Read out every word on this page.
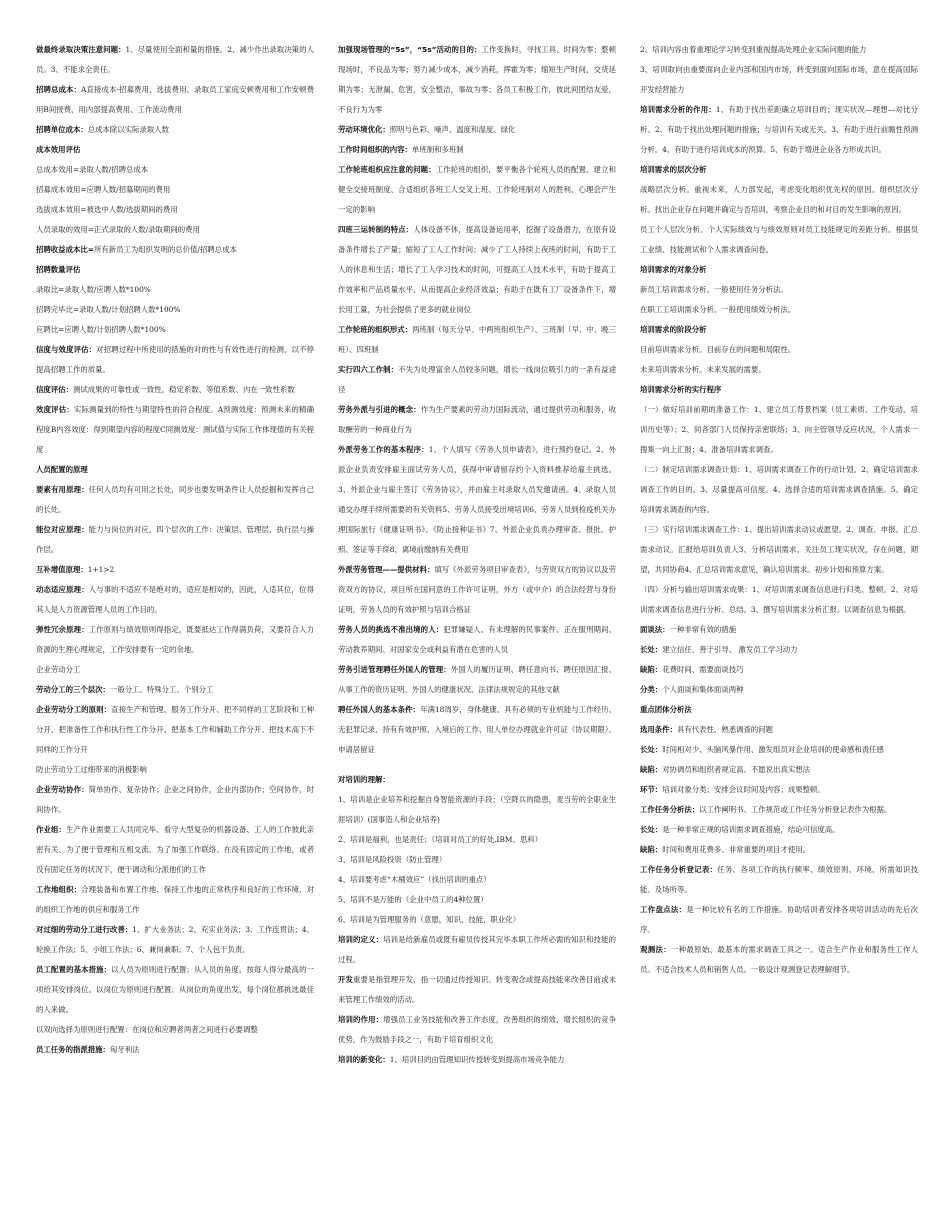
做最终录取决策注意问题：1、尽量使用全面和量的措施。2、减少作出录取决策的人员。3、不能求全责任。

招聘总成本：A直接成本-招募费用、选拔费用、录取员工家庭安顿费用和工作安顿费用B间接费，用内部提高费用、工作流动费用

招聘单位成本：总成本除以实际录取人数

成本效用评估

总成本效用=录取人数/招聘总成本

招募成本效用=应聘人数/招募期间的费用

选拔成本效用=被选中人数/选拔期间的费用

人员录取的效用=正式录取的人数/录取期间的费用

招聘收益成本比=所有新员工为组织发明的总价值/招聘总成本

招聘数量评估

录取比=录取人数/应聘人数*100%

招聘完毕比=录取人数/计划招聘人数*100%

应聘比=应聘人数/计划招聘人数*100%

信度与效度评估：对招聘过程中所使用的措施的对的性与有效性进行的检测，以不停提高招聘工作的质量。

信度评估：测试成果的可靠性或一致性，稳定系数、等值系数、内在一致性系数

效度评估：实际测量到的特性与期望特性的符合程度。A预测效度：预测未来的精确程度B内容效度：得到期望内容的程度C同测效度：测试值与实际工作体现值的有关程度

人员配置的原理

要素有用原理：任何人员均有可用之长处，同步也要发明条件让人员挖掘和发挥自己的长处。

能位对应原理：能力与岗位的对应。四个层次的工作：决策层、管理层、执行层与操作层。

互补增值原理：1+1>2

动态适应原理：人与事的不适应不是绝对的，适应是相对的，因此，人适其位，位得其人是人力资源管理人员的工作目的。

弹性冗余原理：工作原则与绩效原则得指定，既要抵达工作得满负荷，又要符合人力资源的生理心理规定，工作安排要有一定的余地。

企业劳动分工

劳动分工的三个层次：一般分工、特殊分工、个别分工

企业劳动分工的原则：直接生产和管理、服务工作分开、把不同样的工艺阶段和工种分开、把准备性工作和执行性工作分开、把基本工作和辅助工作分开、把技术高下不同样的工作分开

防止劳动分工过细带来的消极影响

企业劳动协作：简单协作、复杂协作；企业之间协作，企业内部协作；空间协作，时间协作。

作业组：生产作业需要工人共同完毕、看守大型复杂的机器设备、工人的工作彼此亲密有关、为了便于管理和互相交流、为了加强工作联络、在没有固定的工作地，或者没有固定任务的状况下，便于调动和分派他们的工作

工作地组织：合理装备和布置工作地、保持工作地的正常秩序和良好的工作环境、对的组织工作地的供应和服务工作

对过细的劳动分工进行改善：1、扩大业务法；2、充实业务法；3、工作连贯法；4、轮换工作法；5、小组工作法；6、兼岗兼职；7、个人包干负责。

员工配置的基本措施：以人员为原则进行配置；从人员的角度，按每人得分最高的一项给其安排岗位。以岗位为原则进行配置；从岗位的角度出发，每个岗位都挑选最佳的人来做。

以双向选择为原则进行配置：在岗位和应聘者两者之间进行必要调整

员工任务的指派措施：匈牙利法

加强现场管理的“5s”，“5s”活动的目的：工作变换时，寻找工具、时间为零；整顿现场时，不良品为零；努力减少成本，减少消耗，挥霍为零；缩短生产时间，交货延期为零；无泄漏、危害，安全整洁，事故为零；各员工积极工作，彼此间团结友爱，不良行为为零

劳动环境优化：照明与色彩、噪声、温度和湿度、绿化

工作时间组织的内容：单班制和多班制

工作轮班组织应注意的问题：工作轮班的组织，要平衡各个轮班人员的配置、建立和健全交接班制度、合适组织各班工人交叉上班、工作轮班制对人的胜利、心理会产生一定的影响

四班三运转制的特点：人体设备不休，提高设备运用率，挖掘了设备潜力，在原有设备条件增长了产量；缩短了工人工作时间；减少了工人持续上夜班的时间，有助于工人的休息和生活；增长了工人学习技术的时间，可提高工人技术水平，有助于提高工作效率和产品质量水平，从而提高企业经济效益；有助于在既有工厂设备条件下，增长用工量，为社会提供了更多的就业岗位

工作轮班的组织形式：两班制（每天分早、中两班组织生产）、三班制（早、中、晚三班）、四班制

实行四六工作制：不失为处理富余人员较多问题，增长一线岗位吸引力的一条有益途径

劳务外派与引进的概念：作为生产要素的劳动力国际流动，通过提供劳动和服务，收取酬劳的一种商业行为

外派劳务工作的基本程序：1、个人填写《劳务人员申请表》，进行预约登记。2、外派企业负责安排雇主面试劳务人员，获得中审请留存约个人资料推荐给雇主挑选。3、外派企业与雇主签订《劳务协议》，并由雇主对录取人员发邀请函。4、录取人员通交办理手续所需要的有关资料5、劳务人员接受出境培训6、劳务人员到检疫机关办理国际旅行《健康证明书》、《防止接种证书》7、外派企业负责办理审查、报批、护照、签证等手续8、离境前缴纳有关费用

外派劳务管理——提供材料：填写《外派劳务项目审查表》，与劳资双方的协议以及劳资双方的协议，项目所在国问意的工作许可证明，外方（或中介）的合法经营与身份证明，劳务人员的有效护照与培训合格证

劳务人员的挑选不准出境的人：犯罪嫌疑人、有未理解的民事案件、正在服刑期间、劳动教养期间、对国家安全或利益有潜在危害的人员

劳务引进管理聘任外国人的管理：外国人的履历证明、聘任意向书、聘任原因汇报、从事工作的资历证明、外国人的健康状况、法律法规规定的其他文献

聘任外国人的基本条件：年满18周岁，身体健康、具有必须的专业机能与工作经历、无犯罪记录、持有有效护照、入境后的工作、用人单位办理就业许可证（协议期限）、申请居留证

对培训的理解：

1、培训是企业培养和挖掘自身智能资源的手段；（空降兵的隐患，麦当劳的全职业生涯培训）(国事造人和企业培养)

2、培训是福利，也是责任；（培训对员工的好处,IBM、思科）

3、培训是风险投资（防止管理）

4、培训要考虑“木桶效应”（找出培训的重点）

5、培训不是万能的（企业中员工的4种位置）

6、培训是为管理服务的（意愿，知识，技能，职业化）

培训的定义：培训是给新雇员或既有雇员传授其完毕本职工作所必需的知识和技能的过程。

开发重要是指管理开发，指一切通过传授知识、转变观念或提高技能来改善目前或未来管理工作绩效的活动。

培训的作用：增强员工业务技能和改善工作态度，改善组织的绩效，增长组织的竞争优势，作为鼓励手段之一，有助于培育组织文化

培训的新变化：1、培训目的由管理知识传授转变到提高市场竞争能力

2、培训内容由着重理论学习转变到重视提高处理企业实际问题的能力

3、培训取向由重要面向企业内部和国内市场，转变到面向国际市场，意在提高国际开发经营能力

培训需求分析的作用：1、有助于找出差距确立培训目的；现实状况—理想—对比分析。2、有助于找出处理问题的措施；与培训有关或无关。3、有助于进行前瞻性预测分析。4、有助于进行培训成本的预算。5、有助于增进企业各方形成共识。

培训需求的层次分析

战略层次分析。重视未来，人力部发起，考虑变化组织优先权的原因。组织层次分析。找出企业存在问题并确定与否培训，考察企业目的和对目的发生影响的原因。

员工个人层次分析。个人实际绩效与与绩效原则对员工技能规定的差距分析。根据员工业绩、技能测试和个人需求调查问卷。

培训需求的对象分析

新员工培训需求分析。一般使用任务分析法。

在职工工培训需求分析。一般使用绩效分析法。

培训需求的阶段分析

目前培训需求分析。目前存在的问题和局限性。

未来培训需求分析。未来发展的需要。

培训需求分析的实行程序

（一）做好培训前期的准备工作：1、建立员工背景档案（员工素质、工作变动、培训历史等）；2、同各部门人员保持亲密联络；3、向主管领导反应状况，个人需求一搜集一向上汇报；4、准备培训需求调查。

（二）制定培训需求调查计划：1、培训需求调查工作的行动计划。2、确定培训需求调查工作的目的。3、尽量提高可信度。4、选择合适的培训需求调查措施。5、确定培训需求调查的内容。

（三）实行培训需求调查工作：1、提出培训需求动议或愿望。2、调查、申报、汇总需求动议。汇报给培训负责人3、分析培训需求。关注员工现实状况，存在问题，期望，共同协商4、汇总培训需求意见，确认培训需求。初步计划和预算方案。

（四）分析与输出培训需求成果：1、对培训需求调查信息进行归类、整顿。2、对培训需求调查信息进行分析、总结。3、撰写培训需求分析汇报。以调查信息为根据。

面谈法：一种非常有效的措施

长处：建立信任、善于引导、 激发员工学习动力

缺陷：花费时间、需要面谈技巧

分类：个人面谈和集体面谈两种

重点团体分析法

选用条件：具有代表性、熟悉调查的问题

长处：时间相对少、头脑风暴作用、激发组员对企业培训的使命感和责任感

缺陷：对协调员和组织者规定高、不愿说出真实想法

环节：培训对象分类；安排会议时间及内容；成果整顿。

工作任务分析法：以工作阐明书、工作规范或工作任务分析登记表作为根据。

长处：是一种非常正规的培训需求调查措施，结论可信度高。

缺陷：时间和费用花费多、非常重要的项目才使用。

工作任务分析登记表：任务、各项工作的执行频率、绩效原则、环境、所需知识技能、及场所等。

工作盘点法：是一种比较有名的工作措施。协助培训者安排各项培训活动的先后次序。

观测法：一种最原始、最基本的需求调查工具之一。适合生产作业和服务性工作人员。不适合技术人员和销售人员。一般设计观测登记表理解细节。
